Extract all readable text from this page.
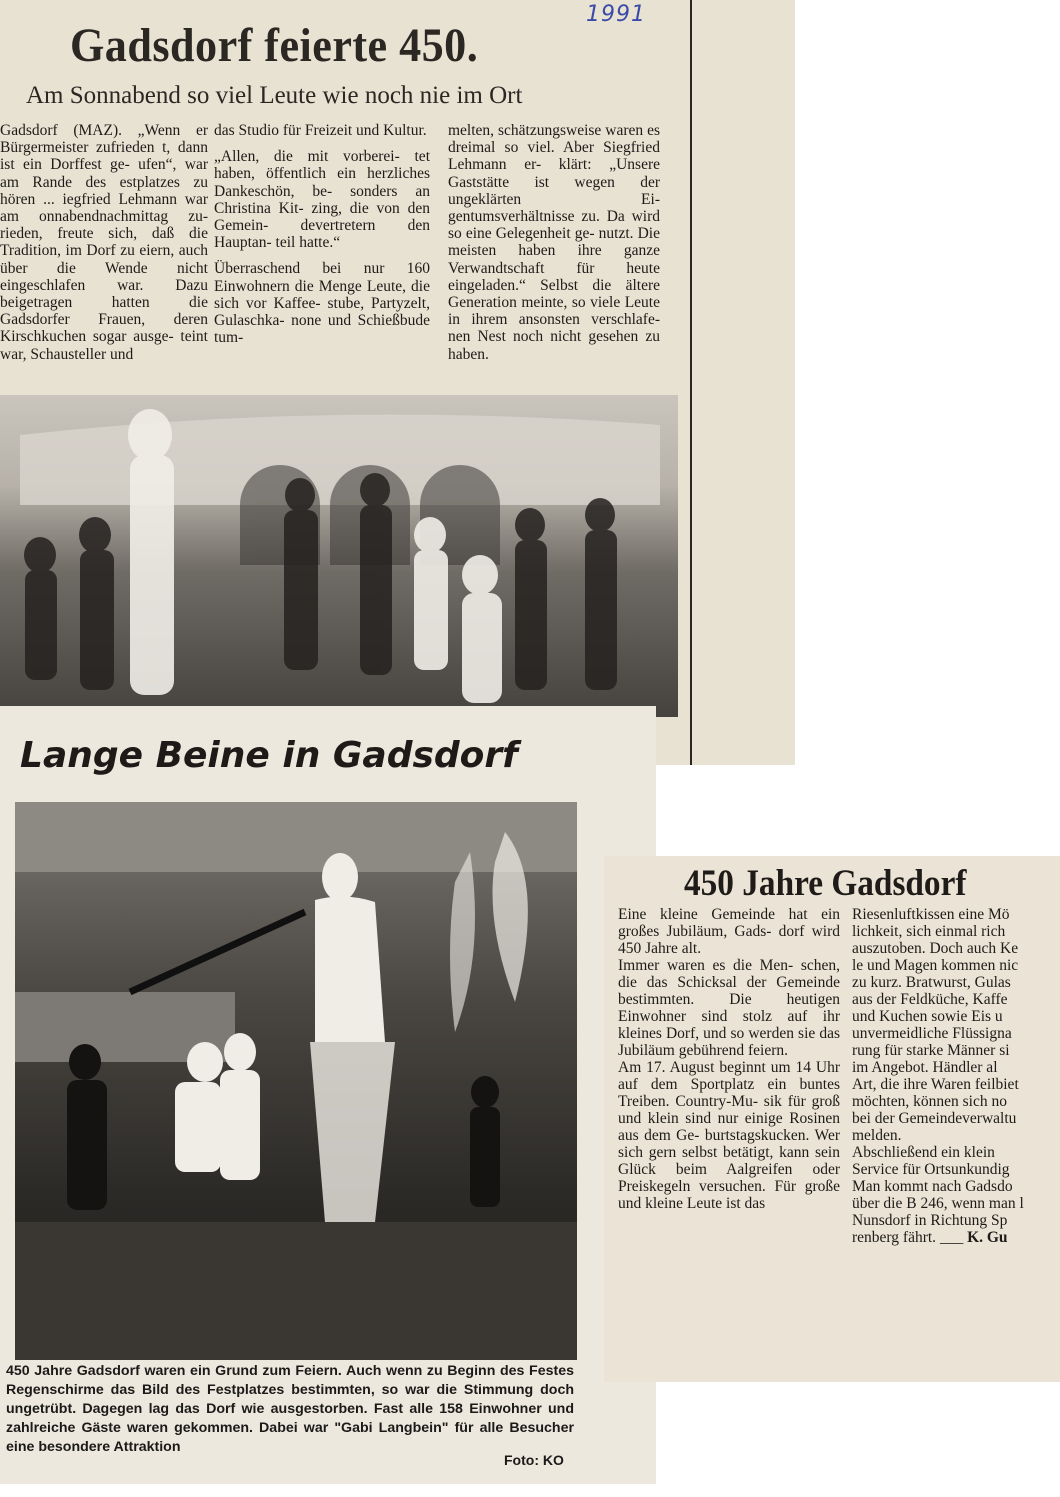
1991
Gadsdorf feierte 450.
Am Sonnabend so viel Leute wie noch nie im Ort

Gadsdorf (MAZ). „Wenn er Bürgermeister zufrieden t, dann ist ein Dorffest ge- ufen“, war am Rande des estplatzes zu hören ... iegfried Lehmann war am onnabendnachmittag zu- rieden, freute sich, daß die Tradition, im Dorf zu eiern, auch über die Wende nicht eingeschlafen war. Dazu beigetragen hatten die Gadsdorfer Frauen, deren Kirschkuchen sogar ausge- teint war, Schausteller und

das Studio für Freizeit und Kultur.

„Allen, die mit vorberei- tet haben, öffentlich ein herzliches Dankeschön, be- sonders an Christina Kit- zing, die von den Gemein- devertretern den Hauptan- teil hatte.“

Überraschend bei nur 160 Einwohnern die Menge Leute, die sich vor Kaffee- stube, Partyzelt, Gulaschka- none und Schießbude tum-

melten, schätzungsweise waren es dreimal so viel. Aber Siegfried Lehmann er- klärt: „Unsere Gaststätte ist wegen der ungeklärten Ei- gentumsverhältnisse zu. Da wird so eine Gelegenheit ge- nutzt. Die meisten haben ihre ganze Verwandtschaft für heute eingeladen.“ Selbst die ältere Generation meinte, so viele Leute in ihrem ansonsten verschlafe- nen Nest noch nicht gesehen zu haben.

Lange Beine in Gadsdorf

450 Jahre Gadsdorf waren ein Grund zum Feiern. Auch wenn zu Beginn des Festes Regenschirme das Bild des Festplatzes bestimmten, so war die Stimmung doch ungetrübt. Dagegen lag das Dorf wie ausgestorben. Fast alle 158 Einwohner und zahlreiche Gäste waren gekommen. Dabei war "Gabi Langbein" für alle Besucher eine besondere Attraktion

Foto: KO
450 Jahre Gadsdorf

Eine kleine Gemeinde hat ein großes Jubiläum, Gads- dorf wird 450 Jahre alt.

Immer waren es die Men- schen, die das Schicksal der Gemeinde bestimmten. Die heutigen Einwohner sind stolz auf ihr kleines Dorf, und so werden sie das Jubiläum gebührend feiern.

Am 17. August beginnt um 14 Uhr auf dem Sportplatz ein buntes Treiben. Country-Mu- sik für groß und klein sind nur einige Rosinen aus dem Ge- burtstagskucken. Wer sich gern selbst betätigt, kann sein Glück beim Aalgreifen oder Preiskegeln versuchen. Für große und kleine Leute ist das

Riesenluftkissen eine Mö

lichkeit, sich einmal rich

auszutoben. Doch auch Ke

le und Magen kommen nic

zu kurz. Bratwurst, Gulas

aus der Feldküche, Kaffe

und Kuchen sowie Eis u

unvermeidliche Flüssigna

rung für starke Männer si

im Angebot. Händler al

Art, die ihre Waren feilbiet

möchten, können sich no

bei der Gemeindeverwaltu

melden.

Abschließend ein klein

Service für Ortsunkundig

Man kommt nach Gadsdo

über die B 246, wenn man l

Nunsdorf in Richtung Sp

renberg fährt. ___ K. Gu
